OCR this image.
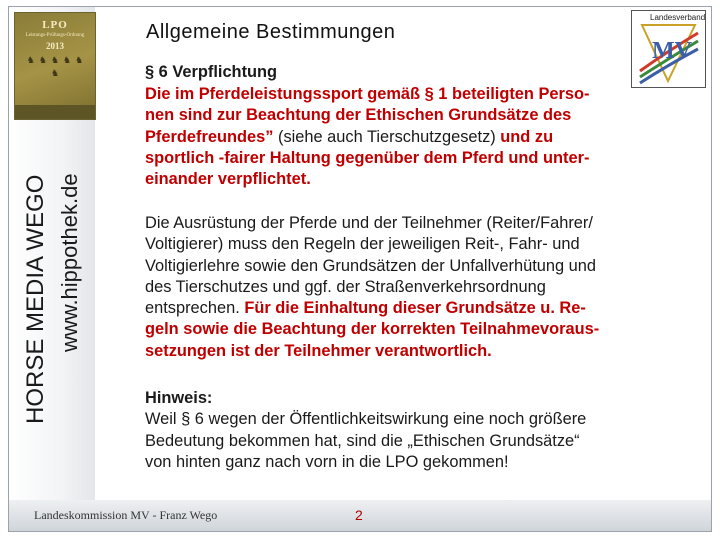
LPO
Leistungs-Prüfungs-Ordnung
2013
♞ ♞ ♞ ♞ ♞
♞
HORSE MEDIA WEGO www.hippothek.de
Landesverband
MV
Allgemeine Bestimmungen
§ 6 Verpflichtung
Die im Pferdeleistungssport gemäß § 1 beteiligten Perso-
nen sind zur Beachtung der Ethischen Grundsätze des
Pferdefreundes” (siehe auch Tierschutzgesetz) und zu
sportlich -fairer Haltung gegenüber dem Pferd und unter-
einander verpflichtet.
Die Ausrüstung der Pferde und der Teilnehmer (Reiter/Fahrer/
Voltigierer) muss den Regeln der jeweiligen Reit-, Fahr- und
Voltigierlehre sowie den Grundsätzen der Unfallverhütung und
des Tierschutzes und ggf. der Straßenverkehrsordnung
entsprechen. Für die Einhaltung dieser Grundsätze u. Re-
geln sowie die Beachtung der korrekten Teilnahmevoraus-
setzungen ist der Teilnehmer verantwortlich.
Hinweis:
Weil § 6 wegen der Öffentlichkeitswirkung eine noch größere
Bedeutung bekommen hat, sind die „Ethischen Grundsätze“
von hinten ganz nach vorn in die LPO gekommen!
Landeskommission MV - Franz Wego	2
